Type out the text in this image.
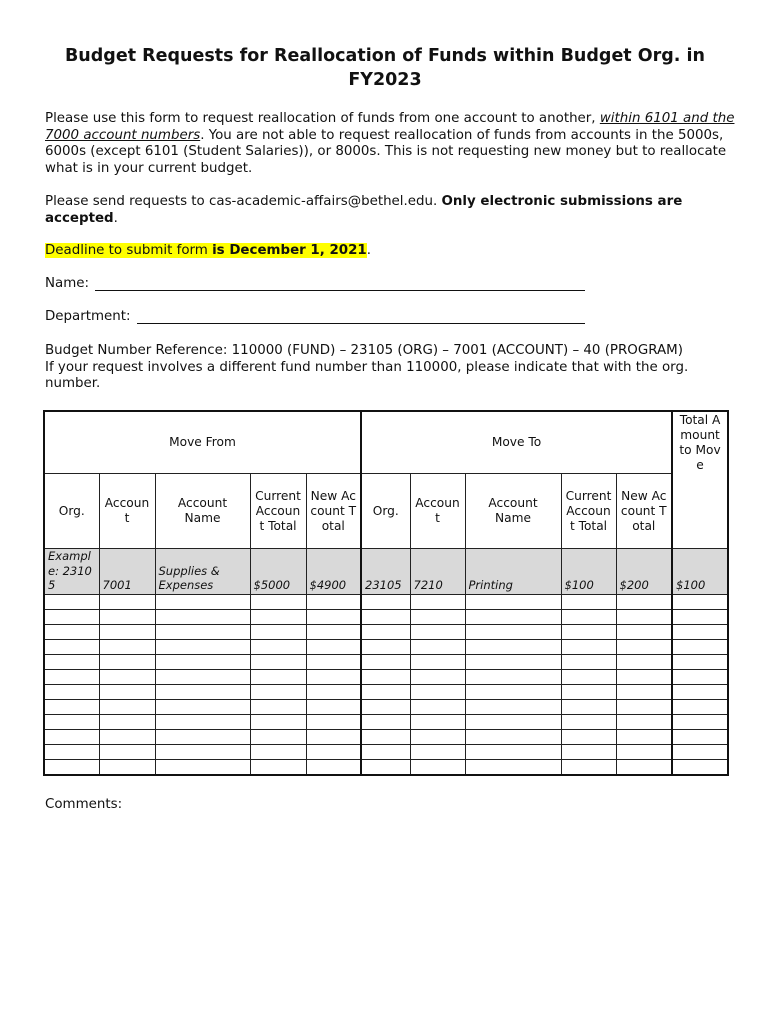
Budget Requests for Reallocation of Funds within Budget Org. in FY2023
Please use this form to request reallocation of funds from one account to another, within 6101 and the 7000 account numbers. You are not able to request reallocation of funds from accounts in the 5000s, 6000s (except 6101 (Student Salaries)), or 8000s. This is not requesting new money but to reallocate what is in your current budget.
Please send requests to cas-academic-affairs@bethel.edu. Only electronic submissions are accepted.
Deadline to submit form is December 1, 2021.
Name:
Department:
Budget Number Reference: 110000 (FUND) – 23105 (ORG) – 7001 (ACCOUNT) – 40 (PROGRAM)
If your request involves a different fund number than 110000, please indicate that with the org. number.
Move From					Move To					Total Amount to Move
Org.	Account	Account Name	Current Account Total	New Account Total	Org.	Account	Account Name	Current Account Total	New Account Total	
Example: 23105	7001	Supplies & Expenses	$5000	$4900	23105	7210	Printing	$100	$200	$100

Comments:
